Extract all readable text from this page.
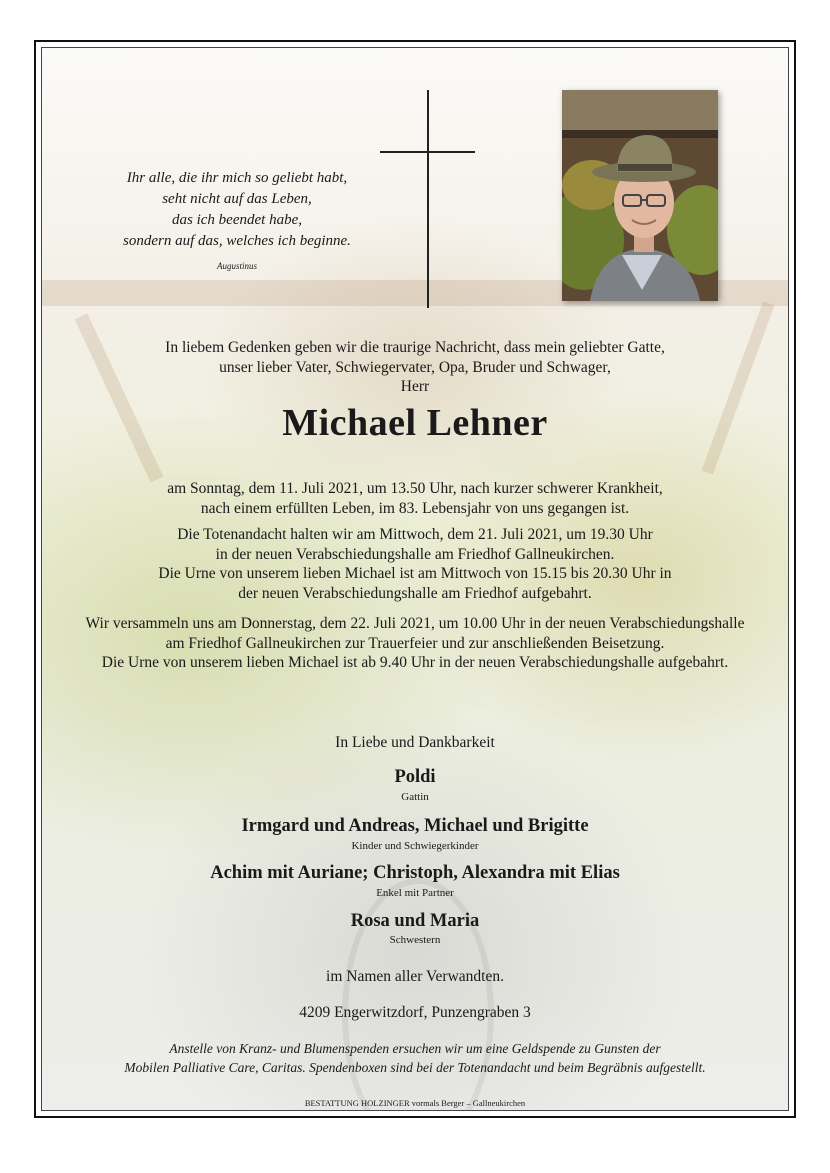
Ihr alle, die ihr mich so geliebt habt,
seht nicht auf das Leben,
das ich beendet habe,
sondern auf das, welches ich beginne.
Augustinus
In liebem Gedenken geben wir die traurige Nachricht, dass mein geliebter Gatte,
unser lieber Vater, Schwiegervater, Opa, Bruder und Schwager,
Herr
Michael Lehner
am Sonntag, dem 11. Juli 2021, um 13.50 Uhr, nach kurzer schwerer Krankheit,
nach einem erfüllten Leben, im 83. Lebensjahr von uns gegangen ist.
Die Totenandacht halten wir am Mittwoch, dem 21. Juli 2021, um 19.30 Uhr
in der neuen Verabschiedungshalle am Friedhof Gallneukirchen.
Die Urne von unserem lieben Michael ist am Mittwoch von 15.15 bis 20.30 Uhr in
der neuen Verabschiedungshalle am Friedhof aufgebahrt.
Wir versammeln uns am Donnerstag, dem 22. Juli 2021, um 10.00 Uhr in der neuen Verabschiedungshalle
am Friedhof Gallneukirchen zur Trauerfeier und zur anschließenden Beisetzung.
Die Urne von unserem lieben Michael ist ab 9.40 Uhr in der neuen Verabschiedungshalle aufgebahrt.
In Liebe und Dankbarkeit
Poldi
Gattin
Irmgard und Andreas, Michael und Brigitte
Kinder und Schwiegerkinder
Achim mit Auriane; Christoph, Alexandra mit Elias
Enkel mit Partner
Rosa und Maria
Schwestern
im Namen aller Verwandten.
4209 Engerwitzdorf, Punzengraben 3
Anstelle von Kranz- und Blumenspenden ersuchen wir um eine Geldspende zu Gunsten der
Mobilen Palliative Care, Caritas. Spendenboxen sind bei der Totenandacht und beim Begräbnis aufgestellt.
BESTATTUNG HOLZINGER vormals Berger – Gallneukirchen
